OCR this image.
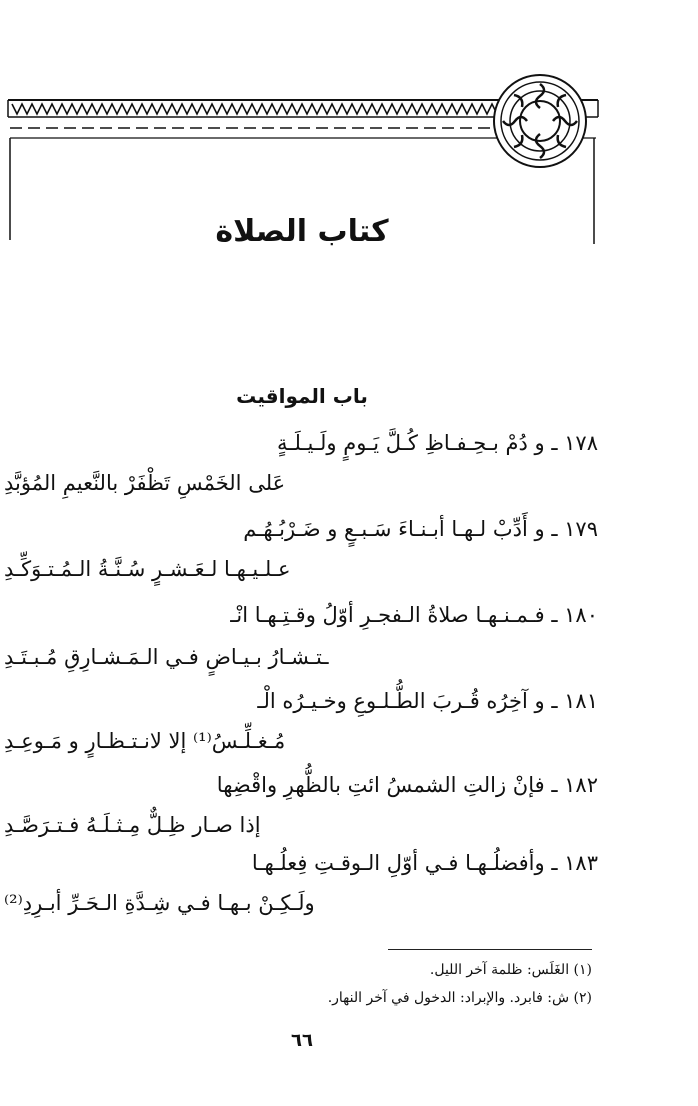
كتاب الصلاة
باب المواقيت
١٧٨ ـ و دُمْ بـحِـفـاظِ كُـلَّ يَـومٍ ولَـيـلَـةٍ
عَلى الخَمْسِ تَظْفَرْ بالنَّعيمِ المُؤبَّدِ
١٧٩ ـ و أَدِّبْ لـهـا أبـنـاءَ سَـبـعٍ و ضَـرْبُـهُـم
عـلـيـهـا لـعَـشـرٍ سُـنَّـةُ الـمُـتـوَكِّـدِ
١٨٠ ـ فـمـنـهـا صلاةُ الـفجـرِ أوّلُ وقـتِـهـا انْـ
ـتـشـارُ بـيـاضٍ فـي الـمَـشـارِقِ مُـبـتَـدِ
١٨١ ـ و آخِرُه قُـربَ الطُّـلـوعِ وخـيـرُه الْـ
مُـغـلِّـسُ⁽¹⁾ إلا لانـتـظـارٍ و مَـوعِـدِ
١٨٢ ـ فإنْ زالتِ الشمسُ ائتِ بالظُّهرِ واقْضِها
إذا صـار ظِـلٌّ مِـثـلَـهُ فـتـرَصَّـدِ
١٨٣ ـ وأفضلُـهـا فـي أوّلِ الـوقـتِ فِعلُـهـا
ولَـكِـنْ بـهـا فـي شِـدَّةِ الـحَـرِّ أبـرِدِ⁽²⁾
(١) الغَلَس: ظلمة آخر الليل.
(٢) ش: فابرد. والإبراد: الدخول في آخر النهار.
٦٦
